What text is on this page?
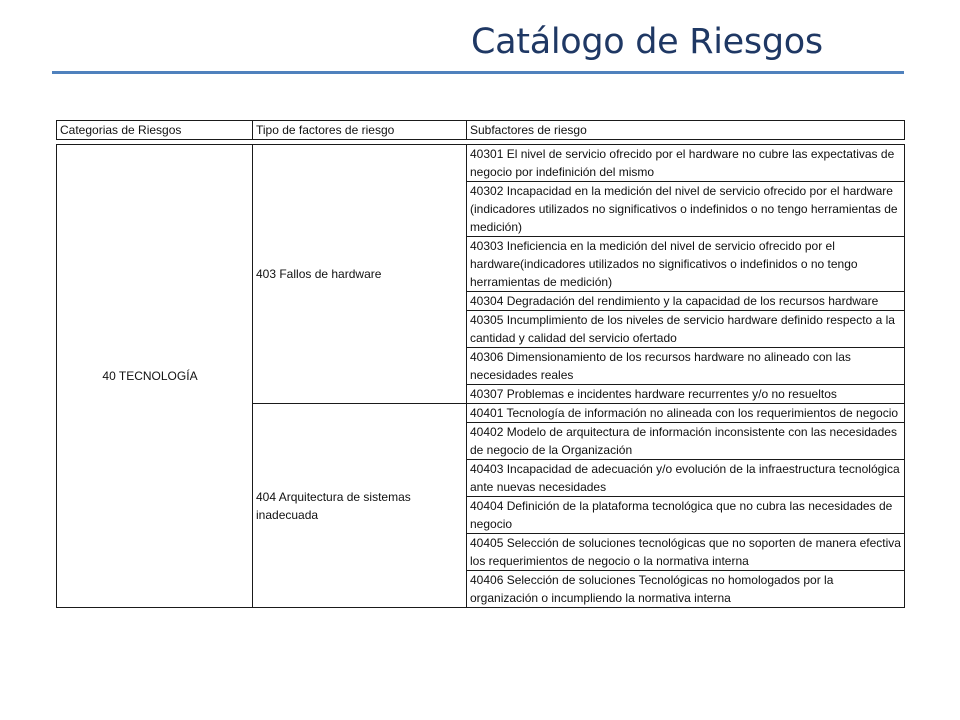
Catálogo de Riesgos
Categorias de Riesgos	Tipo de factores de riesgo	Subfactores de riesgo
40 TECNOLOGÍA	403 Fallos de hardware	40301 El nivel de servicio ofrecido por el hardware no cubre las expectativas de negocio por indefinición del mismo
		40302 Incapacidad en la medición del nivel de servicio ofrecido por el hardware (indicadores utilizados no significativos o indefinidos o no tengo herramientas de medición)
		40303 Ineficiencia en la medición del nivel de servicio ofrecido por el hardware(indicadores utilizados no significativos o indefinidos o no tengo herramientas de medición)
		40304 Degradación del rendimiento y la capacidad de los recursos hardware
		40305 Incumplimiento de los niveles de servicio hardware definido respecto a la cantidad y calidad del servicio ofertado
		40306 Dimensionamiento de los recursos hardware no alineado con las necesidades reales
		40307 Problemas e incidentes hardware recurrentes y/o no resueltos

	404 Arquitectura de sistemas inadecuada	40401 Tecnología de información no alineada con los requerimientos de negocio
		40402 Modelo de arquitectura de información inconsistente con las necesidades de negocio de la Organización
		40403 Incapacidad de adecuación y/o evolución de la infraestructura tecnológica ante nuevas necesidades
		40404 Definición de la plataforma tecnológica que no cubra las necesidades de negocio
		40405 Selección de soluciones tecnológicas que no soporten de manera efectiva los requerimientos de negocio o la normativa interna
		40406 Selección de soluciones Tecnológicas no homologados por la organización o incumpliendo la normativa interna
